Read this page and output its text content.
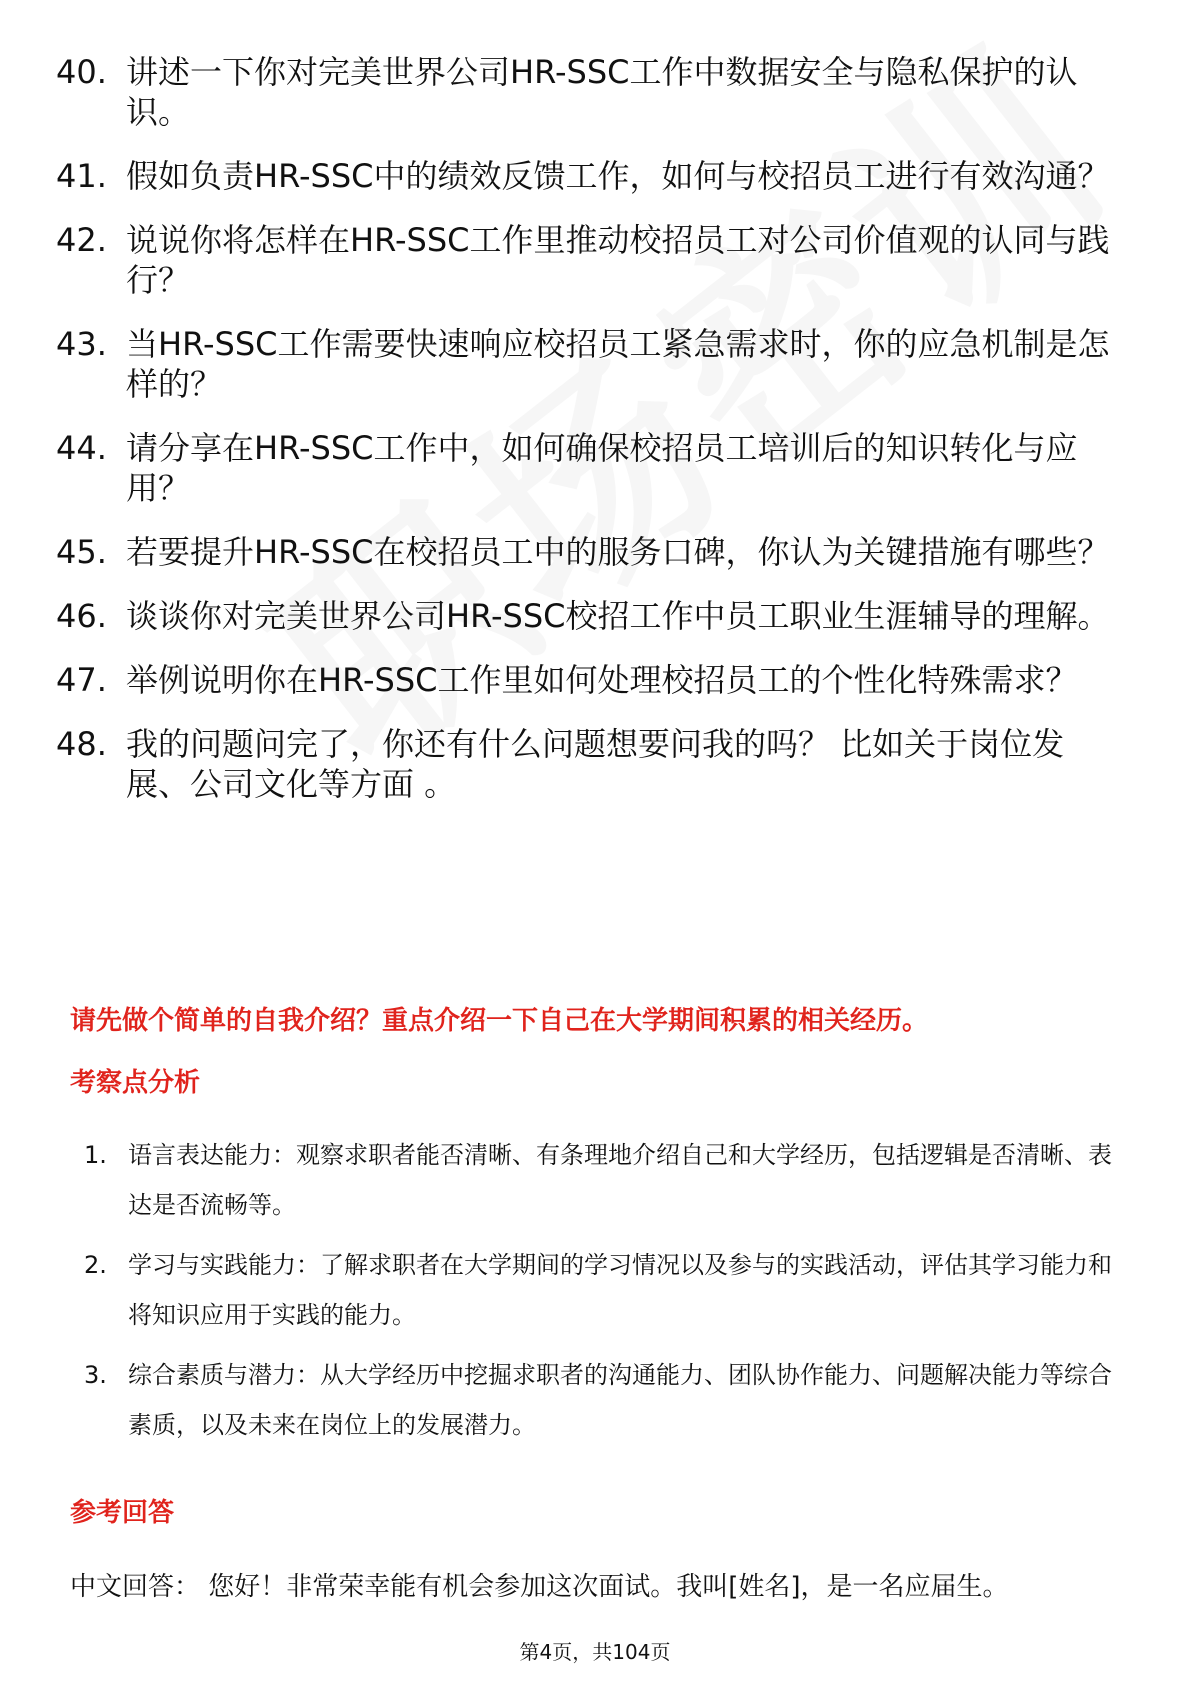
40. 讲述一下你对完美世界公司HR-SSC工作中数据安全与隐私保护的认识。
41. 假如负责HR-SSC中的绩效反馈工作，如何与校招员工进行有效沟通？
42. 说说你将怎样在HR-SSC工作里推动校招员工对公司价值观的认同与践行？
43. 当HR-SSC工作需要快速响应校招员工紧急需求时，你的应急机制是怎样的？
44. 请分享在HR-SSC工作中，如何确保校招员工培训后的知识转化与应用？
45. 若要提升HR-SSC在校招员工中的服务口碑，你认为关键措施有哪些？
46. 谈谈你对完美世界公司HR-SSC校招工作中员工职业生涯辅导的理解。
47. 举例说明你在HR-SSC工作里如何处理校招员工的个性化特殊需求？
48. 我的问题问完了，你还有什么问题想要问我的吗？ 比如关于岗位发展、公司文化等方面 。
请先做个简单的自我介绍？重点介绍一下自己在大学期间积累的相关经历。
考察点分析
1. 语言表达能力：观察求职者能否清晰、有条理地介绍自己和大学经历，包括逻辑是否清晰、表达是否流畅等。
2. 学习与实践能力：了解求职者在大学期间的学习情况以及参与的实践活动，评估其学习能力和将知识应用于实践的能力。
3. 综合素质与潜力：从大学经历中挖掘求职者的沟通能力、团队协作能力、问题解决能力等综合素质，以及未来在岗位上的发展潜力。
参考回答
中文回答： 您好！非常荣幸能有机会参加这次面试。我叫[姓名]，是一名应届生。
第4页，共104页
